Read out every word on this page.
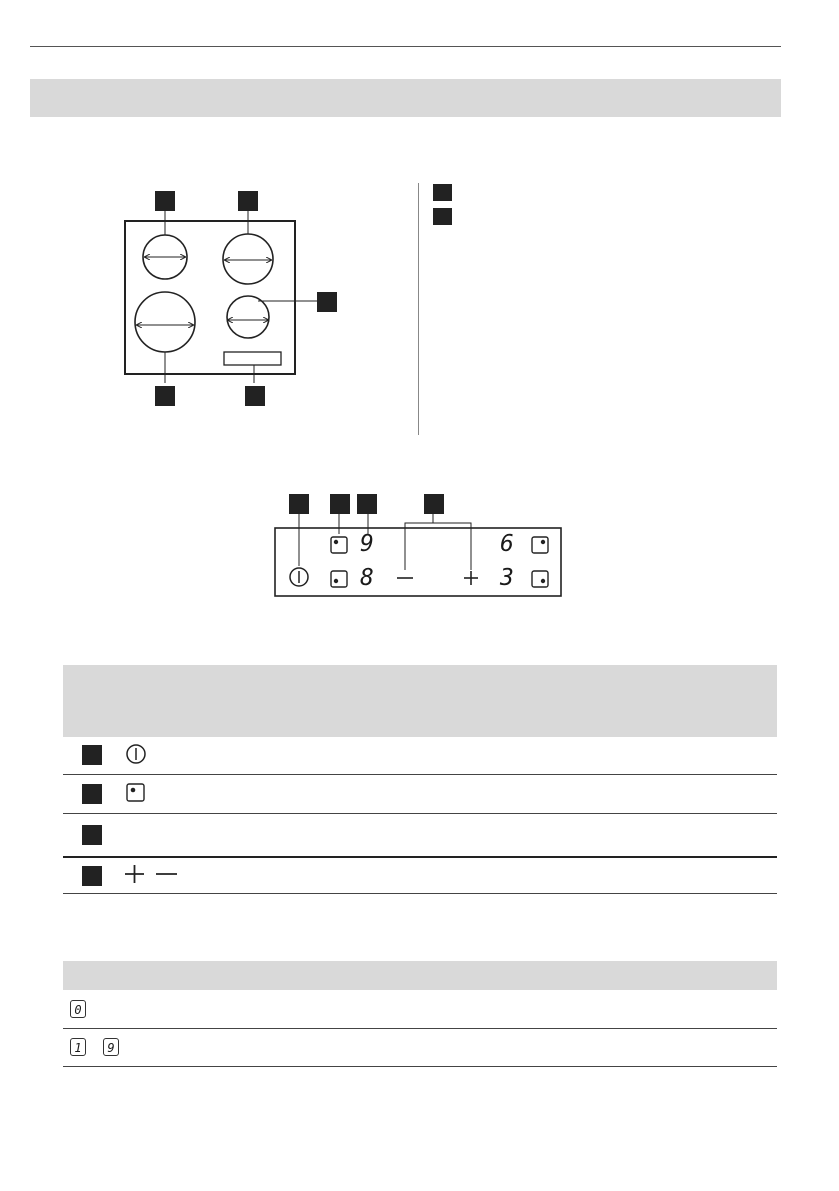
9
8
6
3
0
1	9
